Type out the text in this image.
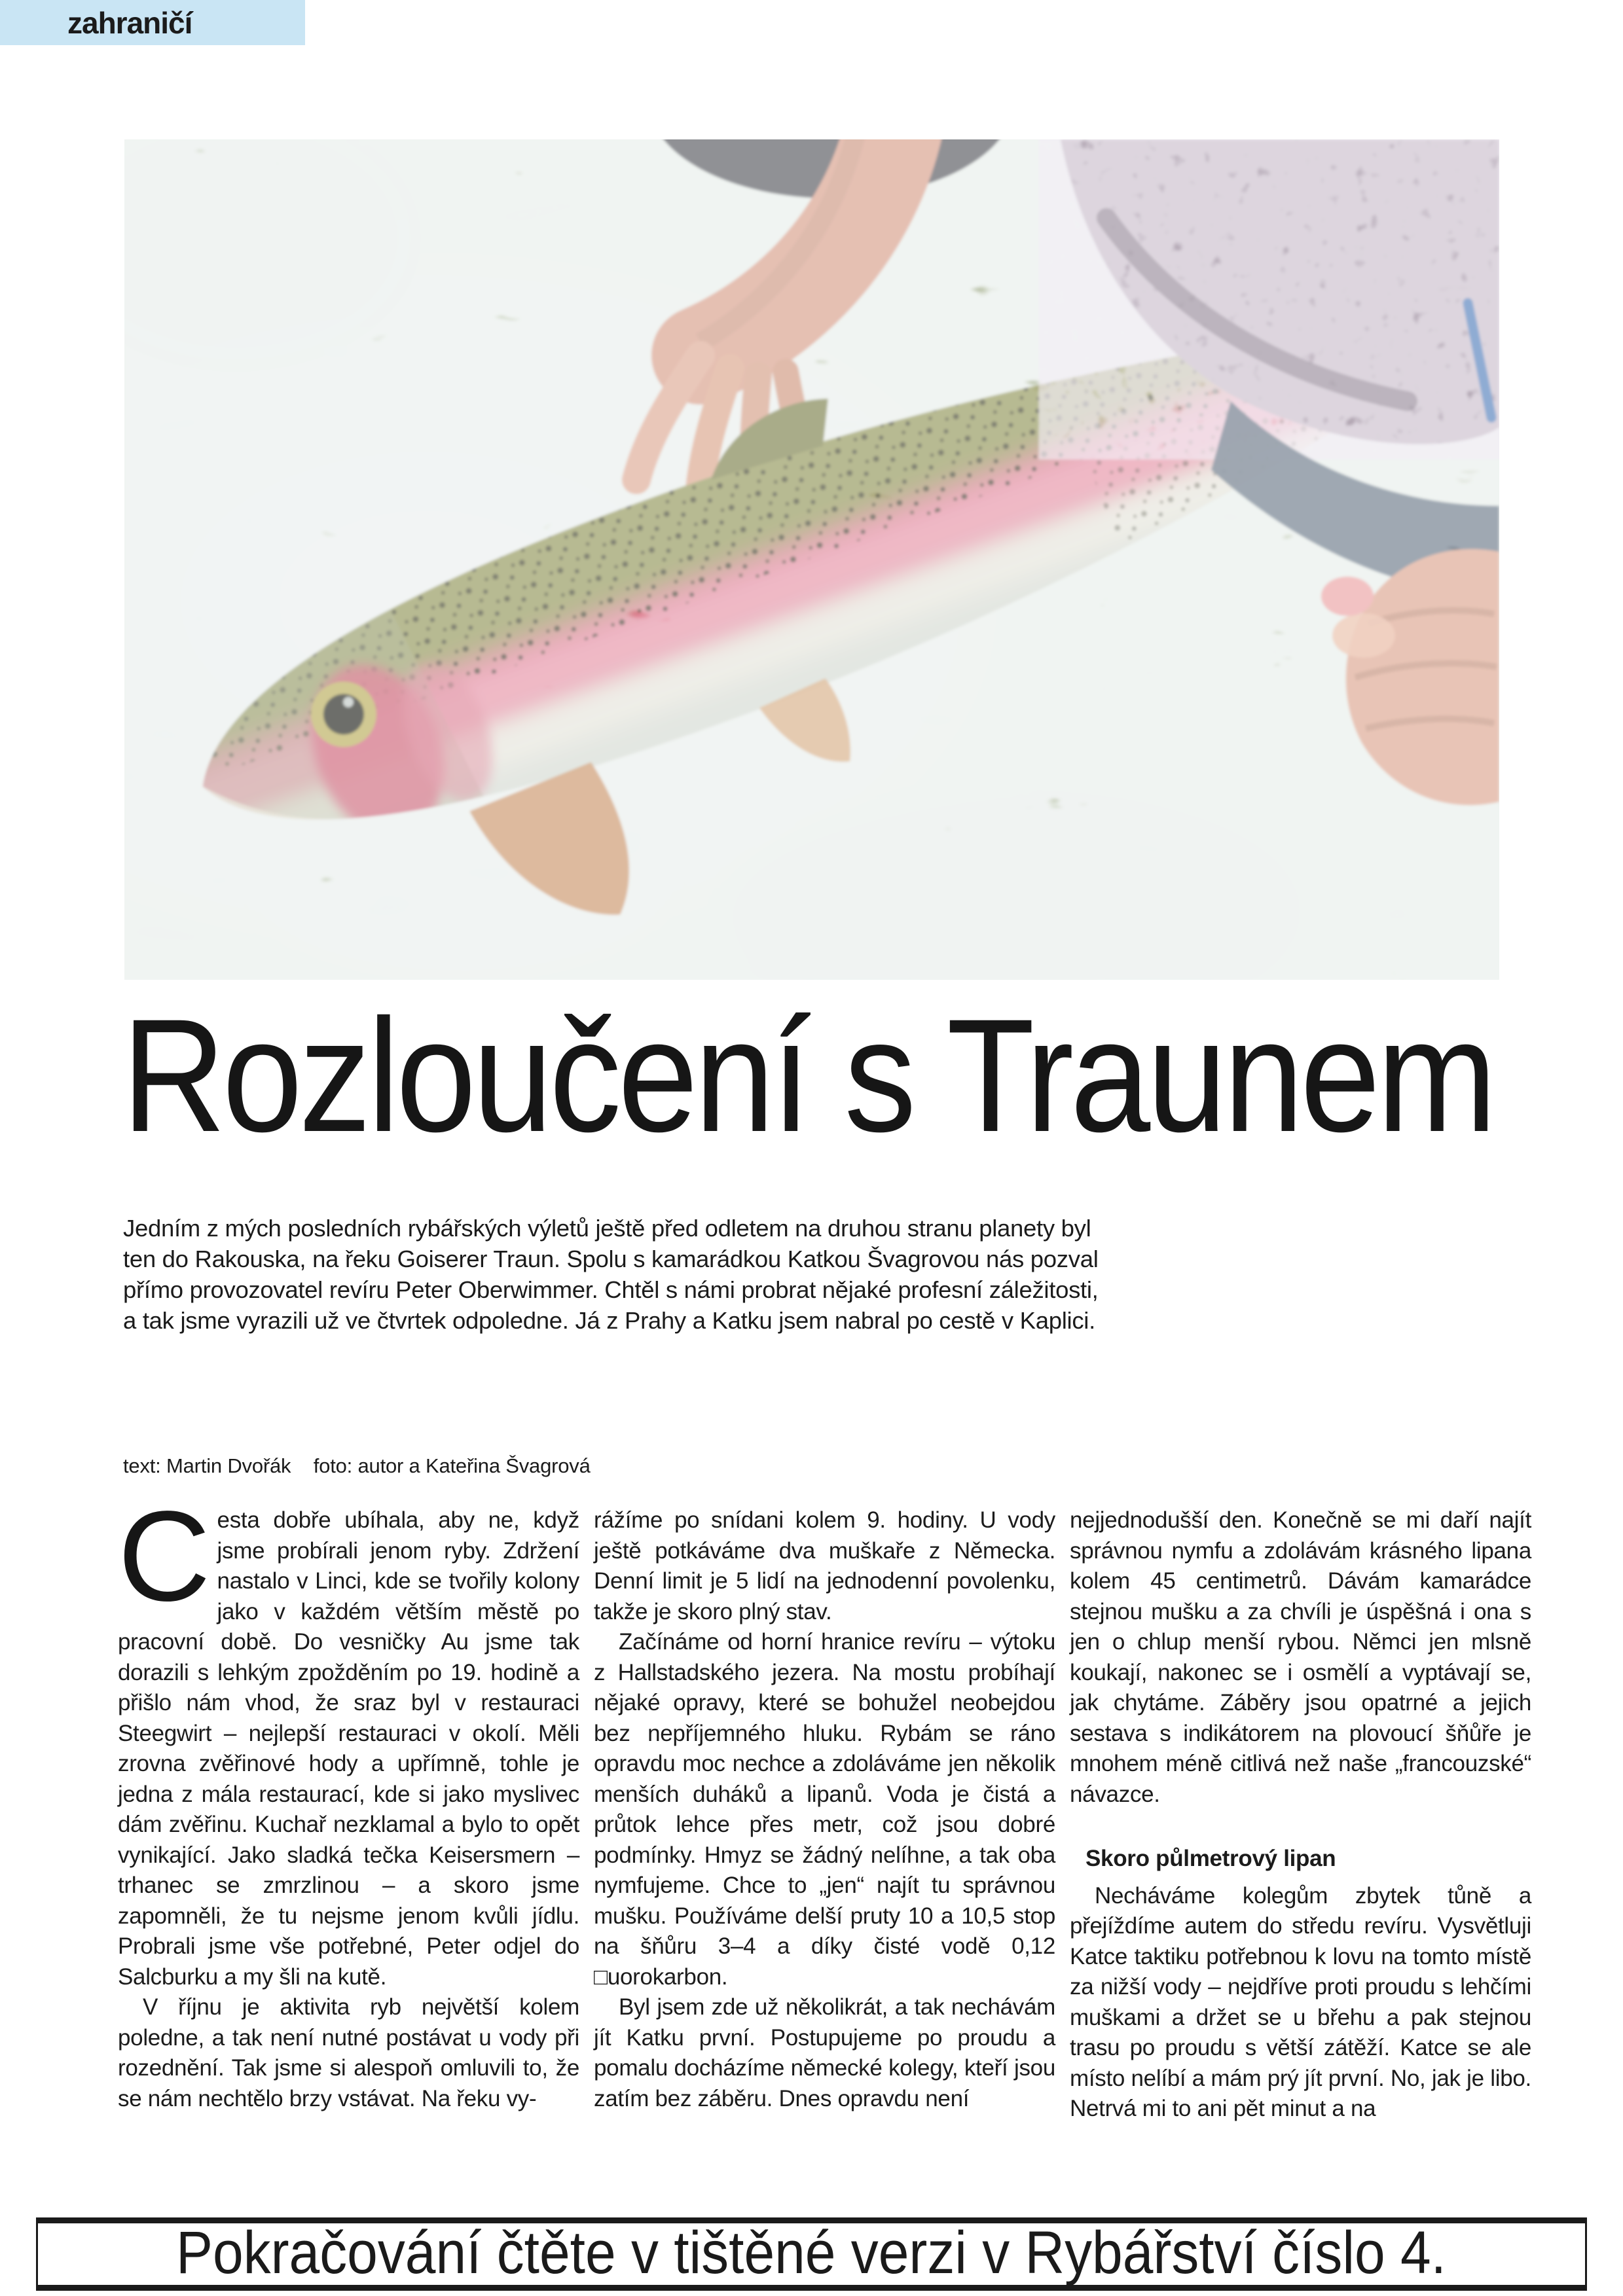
zahraničí
Rozloučení s Traunem

Jedním z mých posledních rybářských výletů ještě před odletem na druhou stranu planety byl ten do Rakouska, na řeku Goiserer Traun. Spolu s kamarádkou Katkou Švagrovou nás pozval přímo provozovatel revíru Peter Oberwimmer. Chtěl s námi probrat nějaké profesní záležitosti, a tak jsme vyrazili už ve čtvrtek odpoledne. Já z Prahy a Katku jsem nabral po cestě v Kaplici.

text: Martin Dvořák foto: autor a Kateřina Švagrová

Cesta dobře ubíhala, aby ne, když jsme probírali jenom ryby. Zdržení nastalo v Linci, kde se tvořily kolony jako v každém větším městě po pracovní době. Do vesničky Au jsme tak dorazili s lehkým zpožděním po 19. hodině a přišlo nám vhod, že sraz byl v restauraci Steegwirt – nejlepší restauraci v okolí. Měli zrovna zvěřinové hody a upřímně, tohle je jedna z mála restaurací, kde si jako myslivec dám zvěřinu. Kuchař nezklamal a bylo to opět vynikající. Jako sladká tečka Keisersmern – trhanec se zmrzlinou – a skoro jsme zapomněli, že tu nejsme jenom kvůli jídlu. Probrali jsme vše potřebné, Peter odjel do Salcburku a my šli na kutě.

V říjnu je aktivita ryb největší kolem poledne, a tak není nutné postávat u vody při rozednění. Tak jsme si alespoň omluvili to, že se nám nechtělo brzy vstávat. Na řeku vy-

rážíme po snídani kolem 9. hodiny. U vody ještě potkáváme dva muškaře z Německa. Denní limit je 5 lidí na jednodenní povolenku, takže je skoro plný stav.

Začínáme od horní hranice revíru – výtoku z Hallstadského jezera. Na mostu probíhají nějaké opravy, které se bohužel neobejdou bez nepříjemného hluku. Rybám se ráno opravdu moc nechce a zdoláváme jen několik menších duháků a lipanů. Voda je čistá a průtok lehce přes metr, což jsou dobré podmínky. Hmyz se žádný nelíhne, a tak oba nymfujeme. Chce to „jen“ najít tu správnou mušku. Používáme delší pruty 10 a 10,5 stop na šňůru 3–4 a díky čisté vodě 0,12 □uorokarbon.

Byl jsem zde už několikrát, a tak nechávám jít Katku první. Postupujeme po proudu a pomalu docházíme německé kolegy, kteří jsou zatím bez záběru. Dnes opravdu není

nejjednodušší den. Konečně se mi daří najít správnou nymfu a zdolávám krásného lipana kolem 45 centimetrů. Dávám kamarádce stejnou mušku a za chvíli je úspěšná i ona s jen o chlup menší rybou. Němci jen mlsně koukají, nakonec se i osmělí a vyptávají se, jak chytáme. Záběry jsou opatrné a jejich sestava s indikátorem na plovoucí šňůře je mnohem méně citlivá než naše „francouzské“ návazce.

Skoro půlmetrový lipan

Necháváme kolegům zbytek tůně a přejíždíme autem do středu revíru. Vysvětluji Katce taktiku potřebnou k lovu na tomto místě za nižší vody – nejdříve proti proudu s lehčími muškami a držet se u břehu a pak stejnou trasu po proudu s větší zátěží. Katce se ale místo nelíbí a mám prý jít první. No, jak je libo. Netrvá mi to ani pět minut a na

Pokračování čtěte v tištěné verzi v Rybářství číslo 4.
